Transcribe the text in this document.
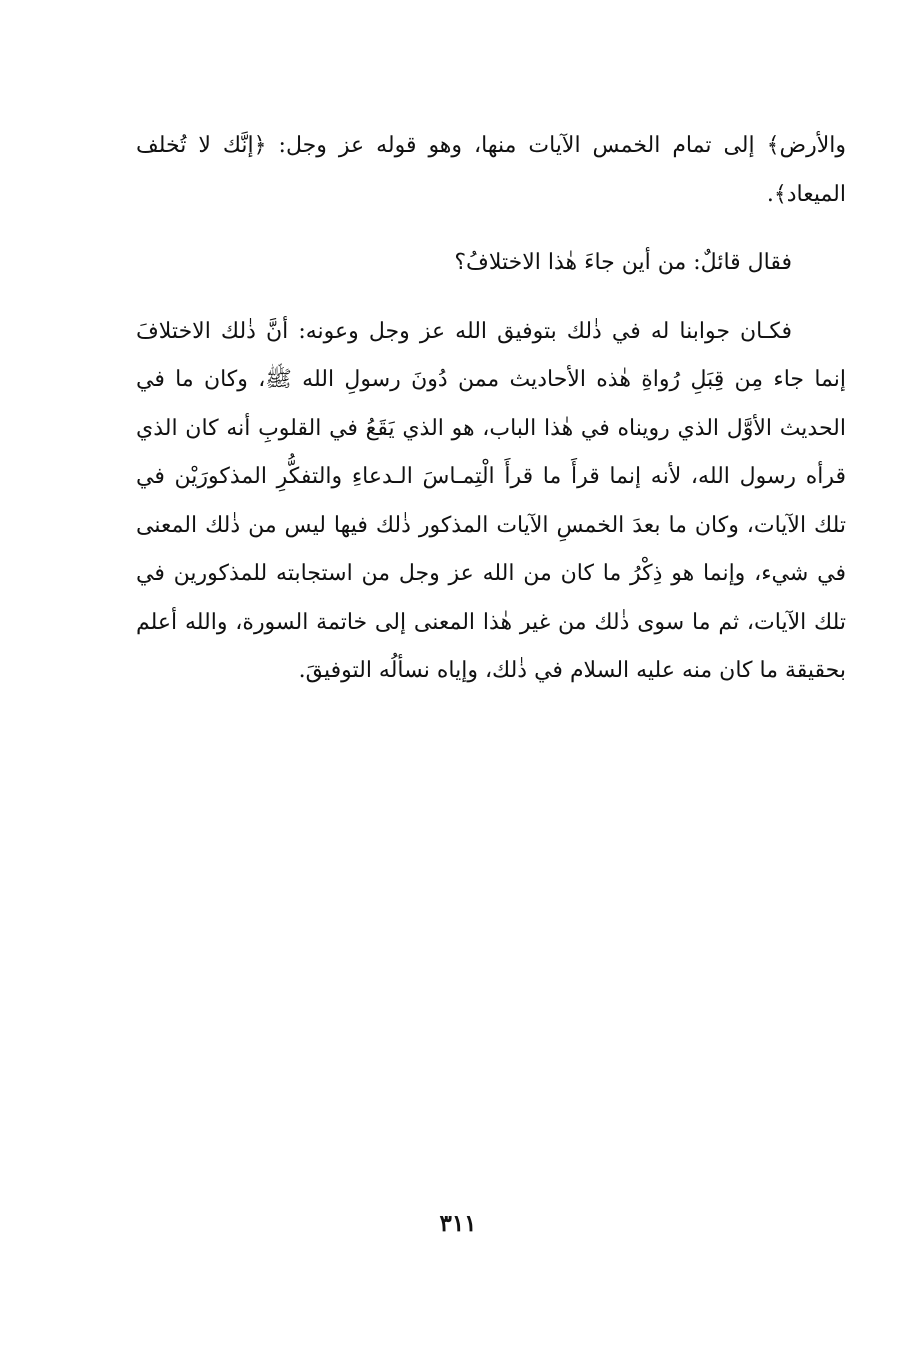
والأرض﴾ إلى تمام الخمس الآيات منها، وهو قوله عز وجل: ﴿إنَّك لا تُخلف الميعاد﴾.

فقال قائلٌ: من أين جاءَ هٰذا الاختلافُ؟

فكـان جوابنا له في ذٰلك بتوفيق الله عز وجل وعونه: أنَّ ذٰلك الاختلافَ إنما جاء مِن قِبَلِ رُواةِ هٰذه الأحاديث ممن دُونَ رسولِ الله ﷺ، وكان ما في الحديث الأوَّل الذي رويناه في هٰذا الباب، هو الذي يَقَعُ في القلوبِ أنه كان الذي قرأه رسول الله، لأنه إنما قرأَ ما قرأَ الْتِمـاسَ الـدعاءِ والتفكُّرِ المذكورَيْن في تلك الآيات، وكان ما بعدَ الخمسِ الآيات المذكور ذٰلك فيها ليس من ذٰلك المعنى في شيء، وإنما هو ذِكْرُ ما كان من الله عز وجل من استجابته للمذكورين في تلك الآيات، ثم ما سوى ذٰلك من غير هٰذا المعنى إلى خاتمة السورة، والله أعلم بحقيقة ما كان منه عليه السلام في ذٰلك، وإياه نسألُه التوفيقَ.

٣١١
